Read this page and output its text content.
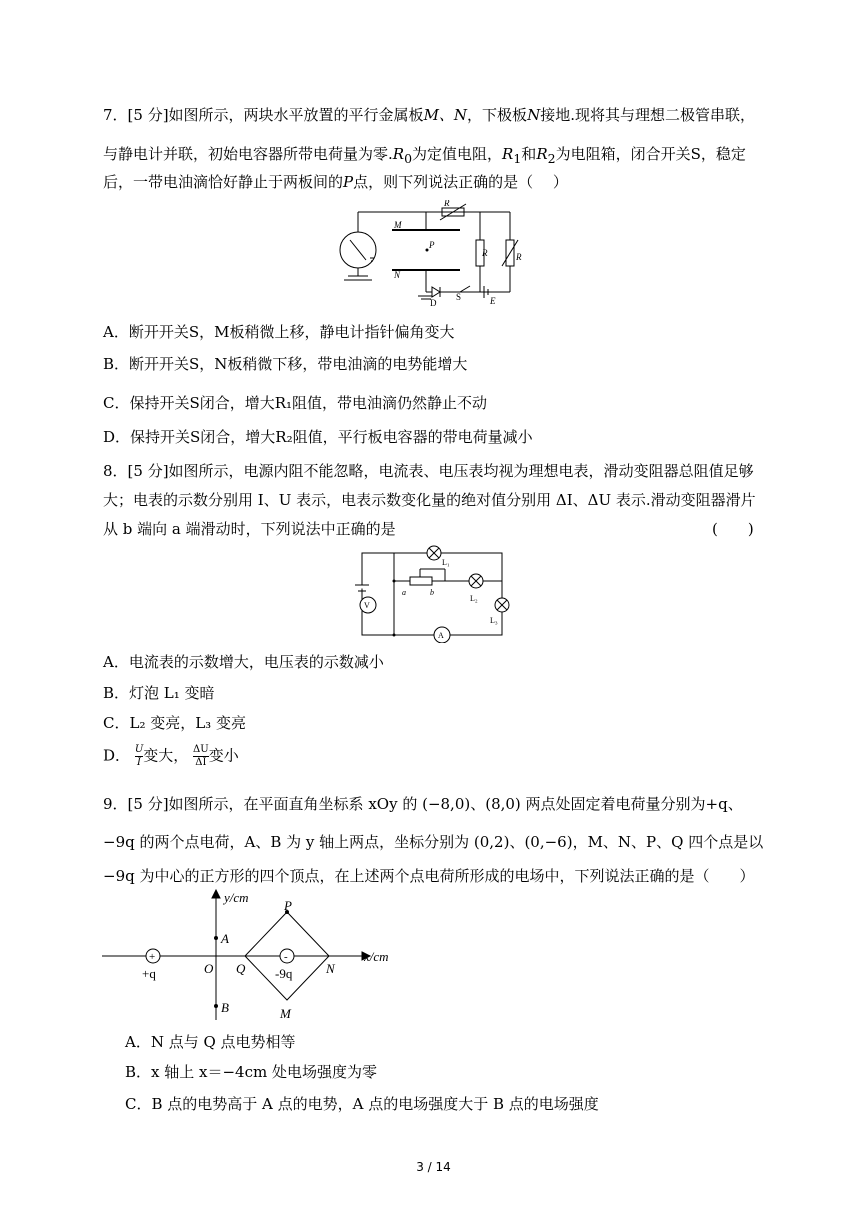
7．[5 分]如图所示，两块水平放置的平行金属板M、N，下极板N接地.现将其与理想二极管串联，
与静电计并联，初始电容器所带电荷量为零$.R_0$为定值电阻，$R_1$和$R_2$为电阻箱，闭合开关S，稳定
后，一带电油滴恰好静止于两板间的P点，则下列说法正确的是（　 ）
M
N
P
R
R	R
D
S	E
A．断开开关S，M板稍微上移，静电计指针偏角变大
B．断开开关S，N板稍微下移，带电油滴的电势能增大
C．保持开关S闭合，增大R₁阻值，带电油滴仍然静止不动
D．保持开关S闭合，增大R₂阻值，平行板电容器的带电荷量减小
8．[5 分]如图所示，电源内阻不能忽略，电流表、电压表均视为理想电表，滑动变阻器总阻值足够
大；电表的示数分别用 I、U 表示，电表示数变化量的绝对值分别用 ΔI、ΔU 表示.滑动变阻器滑片
从 b 端向 a 端滑动时，下列说法中正确的是	(　　)
V
A
L₁
L₂
L₃
a	b
A．电流表的示数增大，电压表的示数减小
B．灯泡 L₁ 变暗
C．L₂ 变亮，L₃ 变亮
D． $\frac{U}{I}$ 变大， $\frac{\Delta U}{\Delta I}$ 变小
9．[5 分]如图所示，在平面直角坐标系 xOy 的 (−8,0)、(8,0) 两点处固定着电荷量分别为+q、
−9q 的两个点电荷，A、B 为 y 轴上两点，坐标分别为 (0,2)、(0,−6)，M、N、P、Q 四个点是以
−9q 为中心的正方形的四个顶点，在上述两个点电荷所形成的电场中，下列说法正确的是（　　）
y/cm
x/cm
P
A
O Q	N
B	M
+q	-9q
+	-
A．N 点与 Q 点电势相等
B．x 轴上 x＝−4cm 处电场强度为零
C．B 点的电势高于 A 点的电势，A 点的电场强度大于 B 点的电场强度
3 / 14
